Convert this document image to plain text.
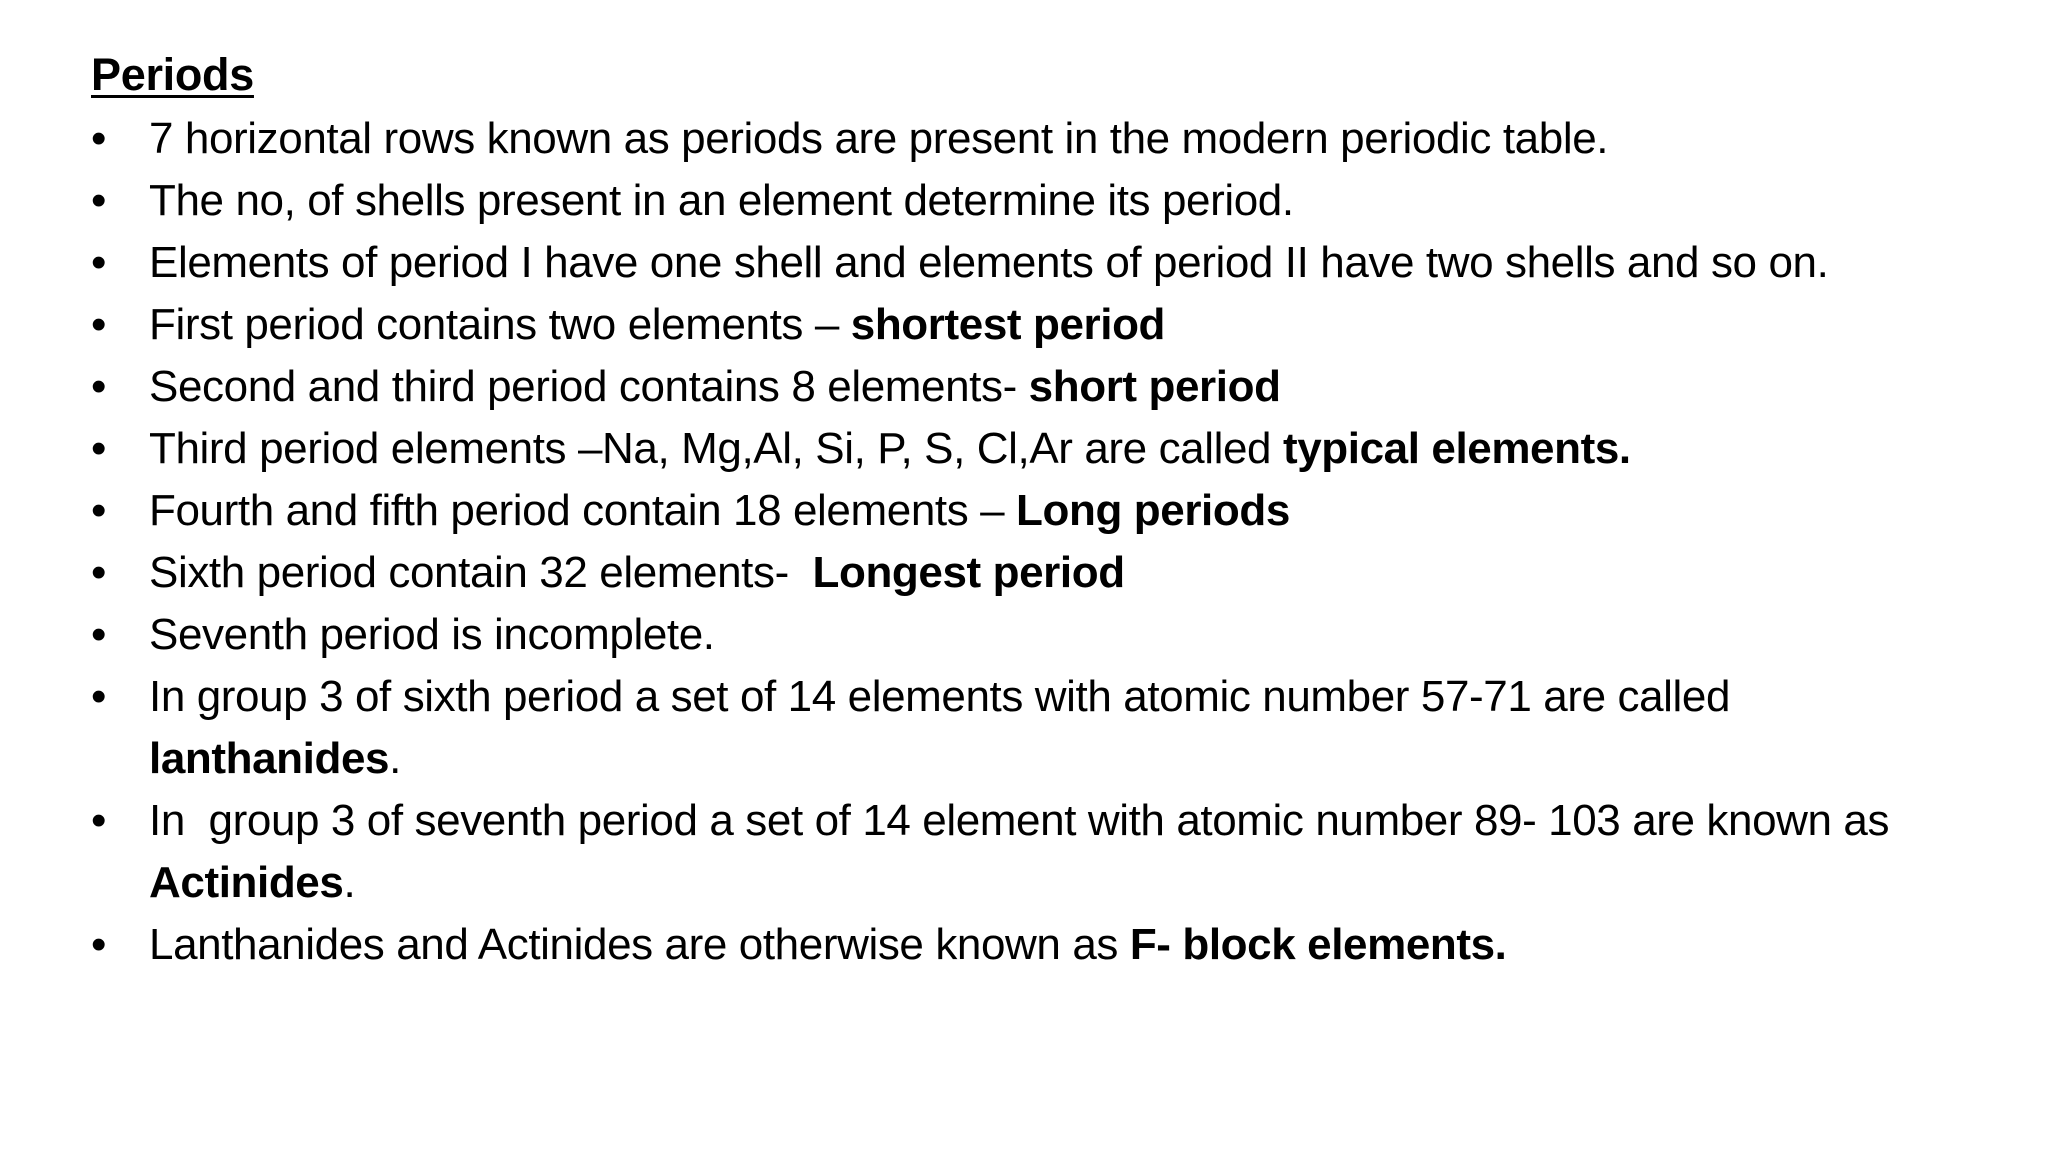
Periods
• 7 horizontal rows known as periods are present in the modern periodic table.
• The no, of shells present in an element determine its period.
• Elements of period I have one shell and elements of period II have two shells and so on.
• First period contains two elements – shortest period
• Second and third period contains 8 elements- short period
• Third period elements –Na, Mg,Al, Si, P, S, Cl,Ar are called typical elements.
• Fourth and fifth period contain 18 elements – Long periods
• Sixth period contain 32 elements-  Longest period
• Seventh period is incomplete.
• In group 3 of sixth period a set of 14 elements with atomic number 57-71 are called lanthanides.
• In  group 3 of seventh period a set of 14 element with atomic number 89- 103 are known as Actinides.
• Lanthanides and Actinides are otherwise known as F- block elements.
